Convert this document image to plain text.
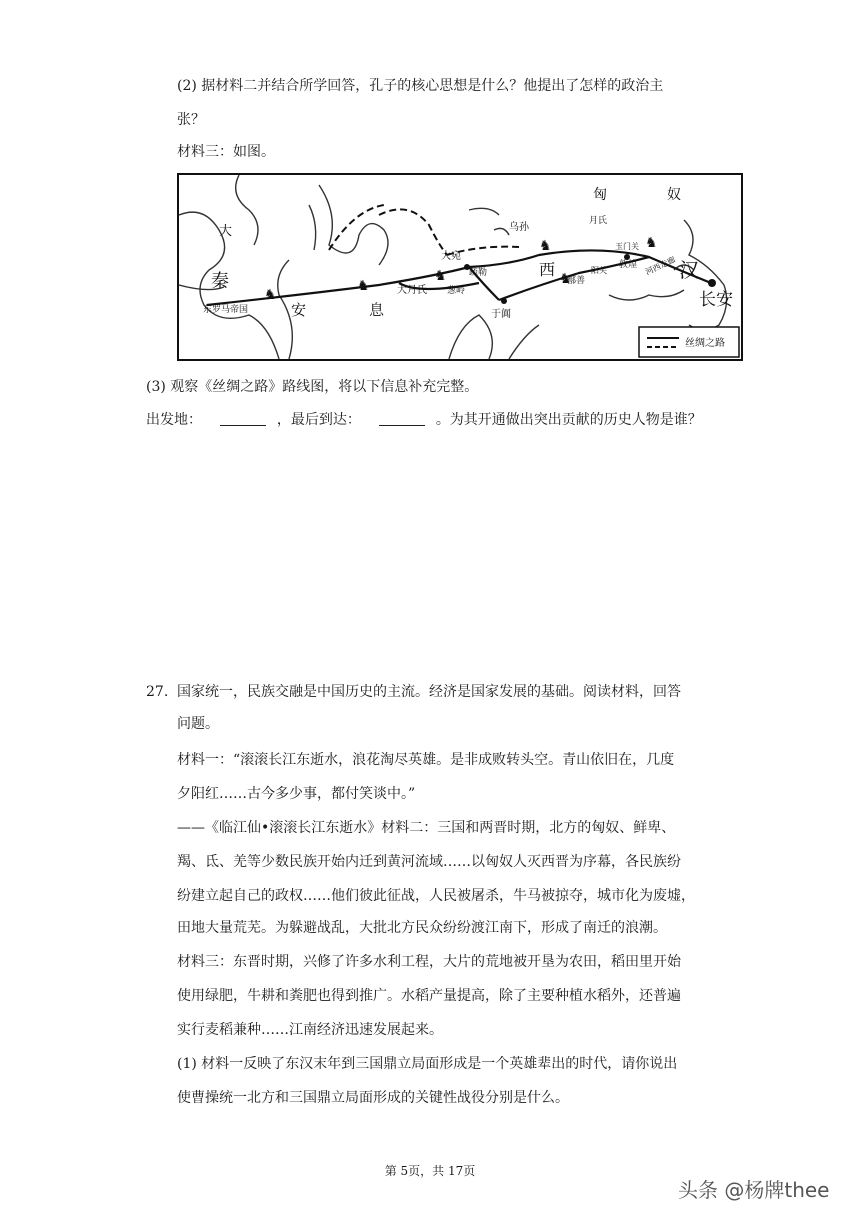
(2) 据材料二并结合所学回答，孔子的核心思想是什么？他提出了怎样的政治主
张？
材料三：如图。
♞
♞
♞
♞	♞
♞
匈	奴
大
秦
东罗马帝国	安	息
大月氏
大宛
疏勒
葱岭
于阗
西
玉门关
阳关
敦煌 河西走廊 汉
长安
乌孙
月氏
鄯善
丝绸之路
(3) 观察《丝绸之路》路线图，将以下信息补充完整。
出发地：	，最后到达：	。为其开通做出突出贡献的历史人物是谁？
27. 国家统一，民族交融是中国历史的主流。经济是国家发展的基础。阅读材料，回答
问题。
材料一：“滚滚长江东逝水，浪花淘尽英雄。是非成败转头空。青山依旧在，几度
夕阳红……古今多少事，都付笑谈中。”
——《临江仙•滚滚长江东逝水》材料二：三国和两晋时期，北方的匈奴、鲜卑、
羯、氐、羌等少数民族开始内迁到黄河流域……以匈奴人灭西晋为序幕，各民族纷
纷建立起自己的政权……他们彼此征战，人民被屠杀，牛马被掠夺，城市化为废墟，
田地大量荒芜。为躲避战乱，大批北方民众纷纷渡江南下，形成了南迁的浪潮。
材料三：东晋时期，兴修了许多水利工程，大片的荒地被开垦为农田，稻田里开始
使用绿肥，牛耕和粪肥也得到推广。水稻产量提高，除了主要种植水稻外，还普遍
实行麦稻兼种……江南经济迅速发展起来。
(1) 材料一反映了东汉末年到三国鼎立局面形成是一个英雄辈出的时代，请你说出
使曹操统一北方和三国鼎立局面形成的关键性战役分别是什么。
第 5页，共 17页
头条 @杨牌thee
